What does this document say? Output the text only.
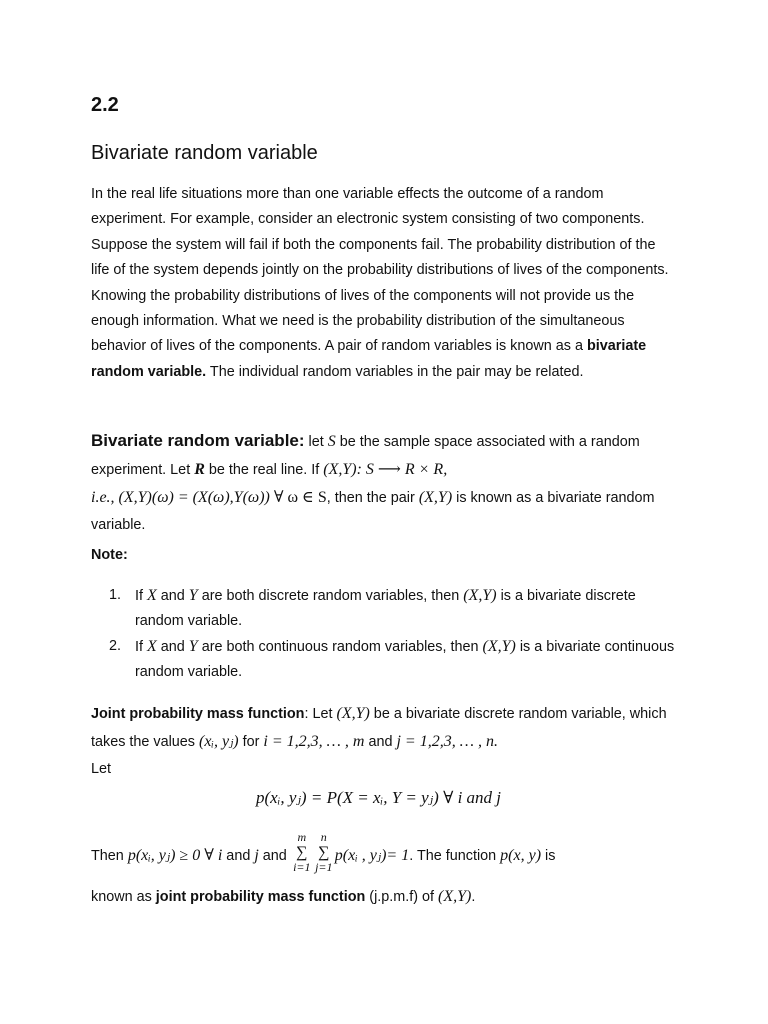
2.2
Bivariate random variable
In the real life situations more than one variable effects the outcome of a random experiment. For example, consider an electronic system consisting of two components. Suppose the system will fail if both the components fail. The probability distribution of the life of the system depends jointly on the probability distributions of lives of the components. Knowing the probability distributions of lives of the components will not provide us the enough information. What we need is the probability distribution of the simultaneous behavior of lives of the components. A pair of random variables is known as a bivariate random variable. The individual random variables in the pair may be related.
Bivariate random variable: let S be the sample space associated with a random experiment. Let R be the real line. If (X,Y): S ⟶ R × R,
i.e., (X,Y)(ω) = (X(ω),Y(ω)) ∀ ω ∈ S, then the pair (X,Y) is known as a bivariate random variable.
Note:
1. If X and Y are both discrete random variables, then (X,Y) is a bivariate discrete random variable.
2. If X and Y are both continuous random variables, then (X,Y) is a bivariate continuous random variable.
Joint probability mass function: Let (X,Y) be a bivariate discrete random variable, which takes the values (xᵢ, yⱼ) for i = 1,2,3, … , m and j = 1,2,3, … , n.
Let
p(xᵢ, yⱼ) = P(X = xᵢ, Y = yⱼ) ∀ i and j
Then p(xᵢ, yⱼ) ≥ 0 ∀ i and j and
m
∑
i=1
n
∑
j=1
p(xᵢ , yⱼ)= 1. The function p(x, y) is
known as joint probability mass function (j.p.m.f) of (X,Y).
